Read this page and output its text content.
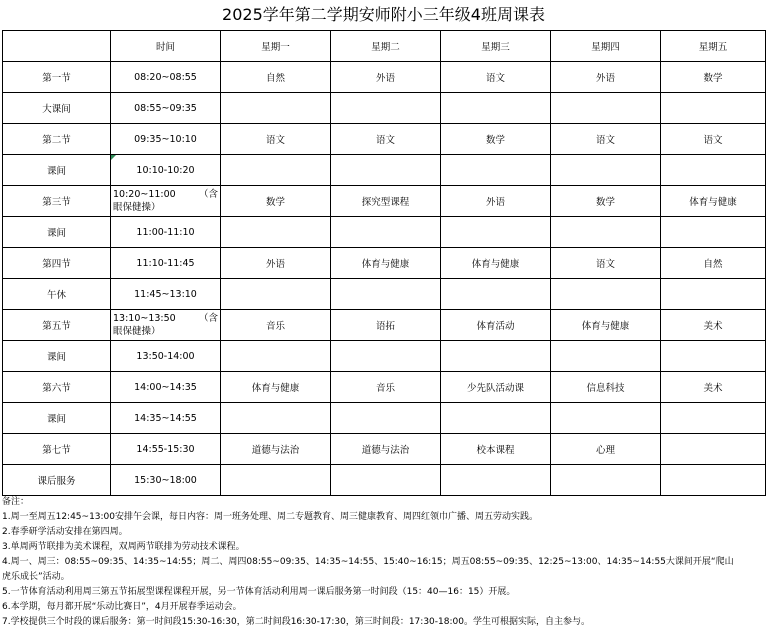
2025学年第二学期安师附小三年级4班周课表
	时间	星期一	星期二	星期三	星期四	星期五
第一节	08:20~08:55	自然	外语	语文	外语	数学
大课间	08:55~09:35					
第二节	09:35~10:10	语文	语文	数学	语文	语文
课间	10:10-10:20					
第三节	10:20~11:00 （含
眼保健操）	数学	探究型课程	外语	数学	体育与健康
课间	11:00-11:10					
第四节	11:10-11:45	外语	体育与健康	体育与健康	语文	自然
午休	11:45~13:10					
第五节	13:10~13:50 （含
眼保健操）	音乐	语拓	体育活动	体育与健康	美术
课间	13:50-14:00					
第六节	14:00~14:35	体育与健康	音乐	少先队活动课	信息科技	美术
课间	14:35~14:55					
第七节	14:55-15:30	道德与法治	道德与法治	校本课程	心理	
课后服务	15:30~18:00					
备注：
1.周一至周五12:45~13:00安排午会课，每日内容：周一班务处理、周二专题教育、周三健康教育、周四红领巾广播、周五劳动实践。
2.春季研学活动安排在第四周。
3.单周两节联排为美术课程，双周两节联排为劳动技术课程。
4.周一、周三：08:55~09:35、14:35~14:55；周二、周四08:55~09:35、14:35~14:55、15:40~16:15；周五08:55~09:35、12:25~13:00、14:35~14:55大课间开展“爬山
虎乐成长”活动。
5.一节体育活动利用周三第五节拓展型课程课程开展，另一节体育活动利用周一课后服务第一时间段（15：40—16：15）开展。
6.本学期，每月都开展“乐动比赛日”，4月开展春季运动会。
7.学校提供三个时段的课后服务：第一时间段15:30-16:30，第二时间段16:30-17:30，第三时间段：17:30-18:00。学生可根据实际，自主参与。
